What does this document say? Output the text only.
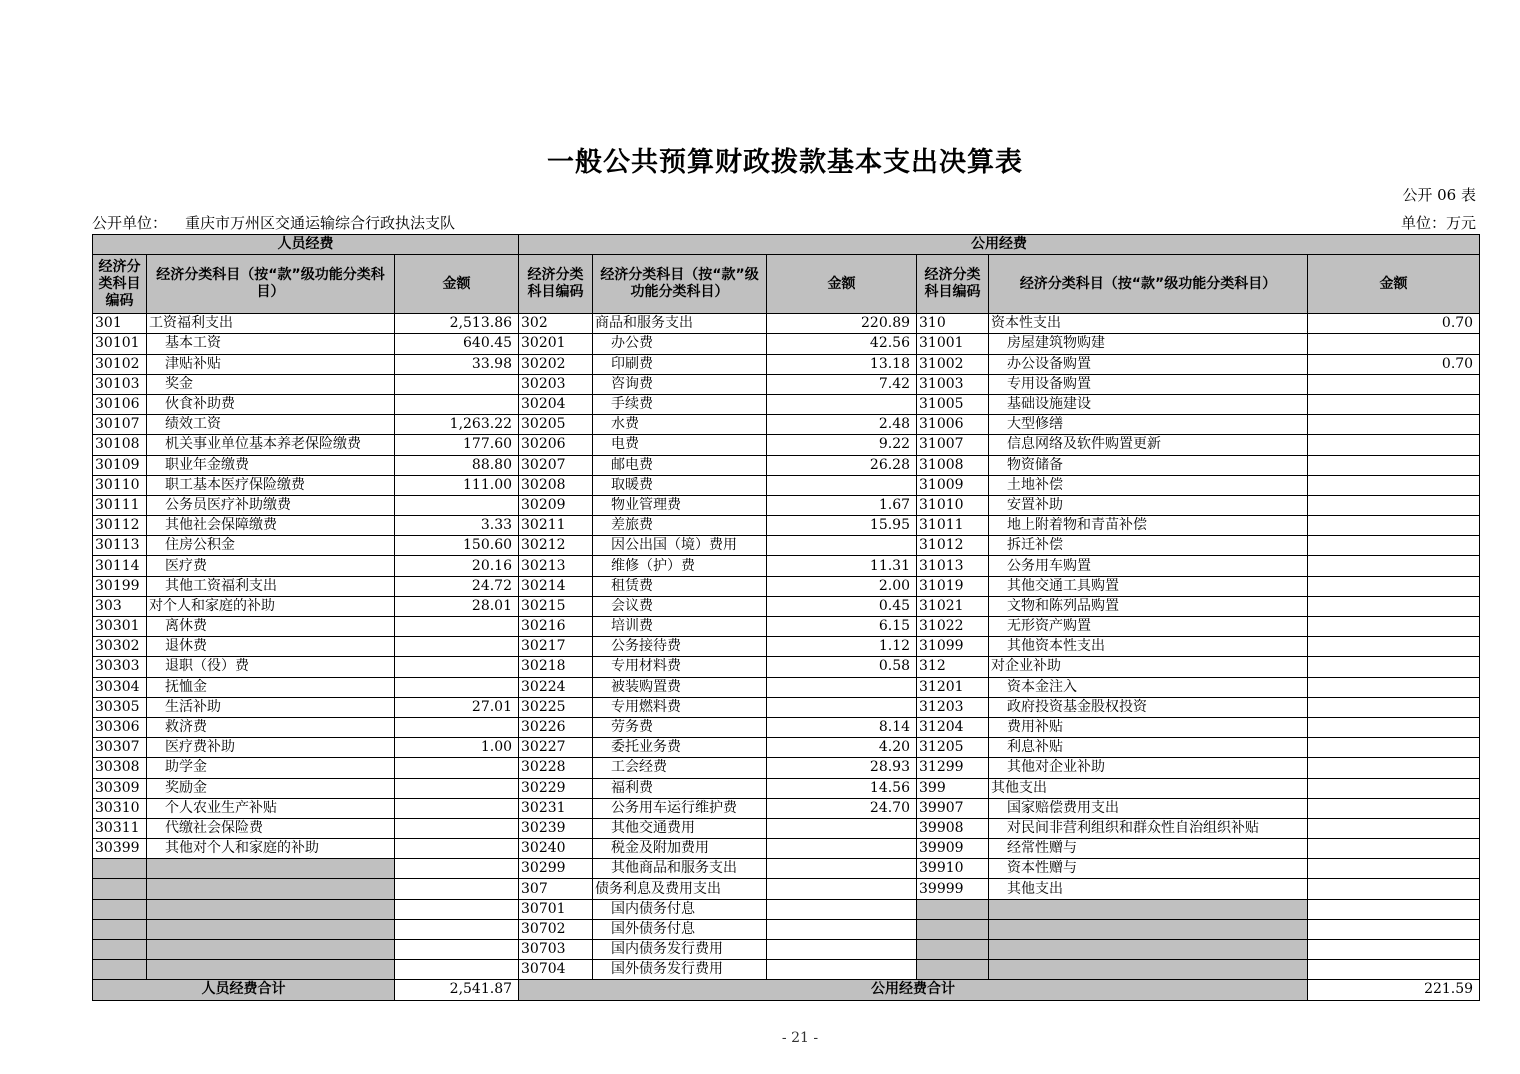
一般公共预算财政拨款基本支出决算表
公开 06 表
公开单位： 重庆市万州区交通运输综合行政执法支队	单位：万元
人员经费			公用经费					
经济分类科目编码	经济分类科目（按“款”级功能分类科目）	金额	经济分类科目编码	经济分类科目（按“款”级功能分类科目）	金额	经济分类科目编码	经济分类科目（按“款”级功能分类科目）	金额
301	工资福利支出	2,513.86	302	商品和服务支出	220.89	310	资本性支出	0.70
30101	基本工资	640.45	30201	办公费	42.56	31001	房屋建筑物购建	
30102	津贴补贴	33.98	30202	印刷费	13.18	31002	办公设备购置	0.70
30103	奖金		30203	咨询费	7.42	31003	专用设备购置	
30106	伙食补助费		30204	手续费		31005	基础设施建设	
30107	绩效工资	1,263.22	30205	水费	2.48	31006	大型修缮	
30108	机关事业单位基本养老保险缴费	177.60	30206	电费	9.22	31007	信息网络及软件购置更新	
30109	职业年金缴费	88.80	30207	邮电费	26.28	31008	物资储备	
30110	职工基本医疗保险缴费	111.00	30208	取暖费		31009	土地补偿	
30111	公务员医疗补助缴费		30209	物业管理费	1.67	31010	安置补助	
30112	其他社会保障缴费	3.33	30211	差旅费	15.95	31011	地上附着物和青苗补偿	
30113	住房公积金	150.60	30212	因公出国（境）费用		31012	拆迁补偿	
30114	医疗费	20.16	30213	维修（护）费	11.31	31013	公务用车购置	
30199	其他工资福利支出	24.72	30214	租赁费	2.00	31019	其他交通工具购置	
303	对个人和家庭的补助	28.01	30215	会议费	0.45	31021	文物和陈列品购置	
30301	离休费		30216	培训费	6.15	31022	无形资产购置	
30302	退休费		30217	公务接待费	1.12	31099	其他资本性支出	
30303	退职（役）费		30218	专用材料费	0.58	312	对企业补助	
30304	抚恤金		30224	被装购置费		31201	资本金注入	
30305	生活补助	27.01	30225	专用燃料费		31203	政府投资基金股权投资	
30306	救济费		30226	劳务费	8.14	31204	费用补贴	
30307	医疗费补助	1.00	30227	委托业务费	4.20	31205	利息补贴	
30308	助学金		30228	工会经费	28.93	31299	其他对企业补助	
30309	奖励金		30229	福利费	14.56	399	其他支出	
30310	个人农业生产补贴		30231	公务用车运行维护费	24.70	39907	国家赔偿费用支出	
30311	代缴社会保险费		30239	其他交通费用		39908	对民间非营利组织和群众性自治组织补贴	
30399	其他对个人和家庭的补助		30240	税金及附加费用		39909	经常性赠与	
			30299	其他商品和服务支出		39910	资本性赠与	
			307	债务利息及费用支出		39999	其他支出	
			30701	国内债务付息				
			30702	国外债务付息				
			30703	国内债务发行费用				
			30704	国外债务发行费用				
人员经费合计		2,541.87	公用经费合计					221.59
- 21 -
